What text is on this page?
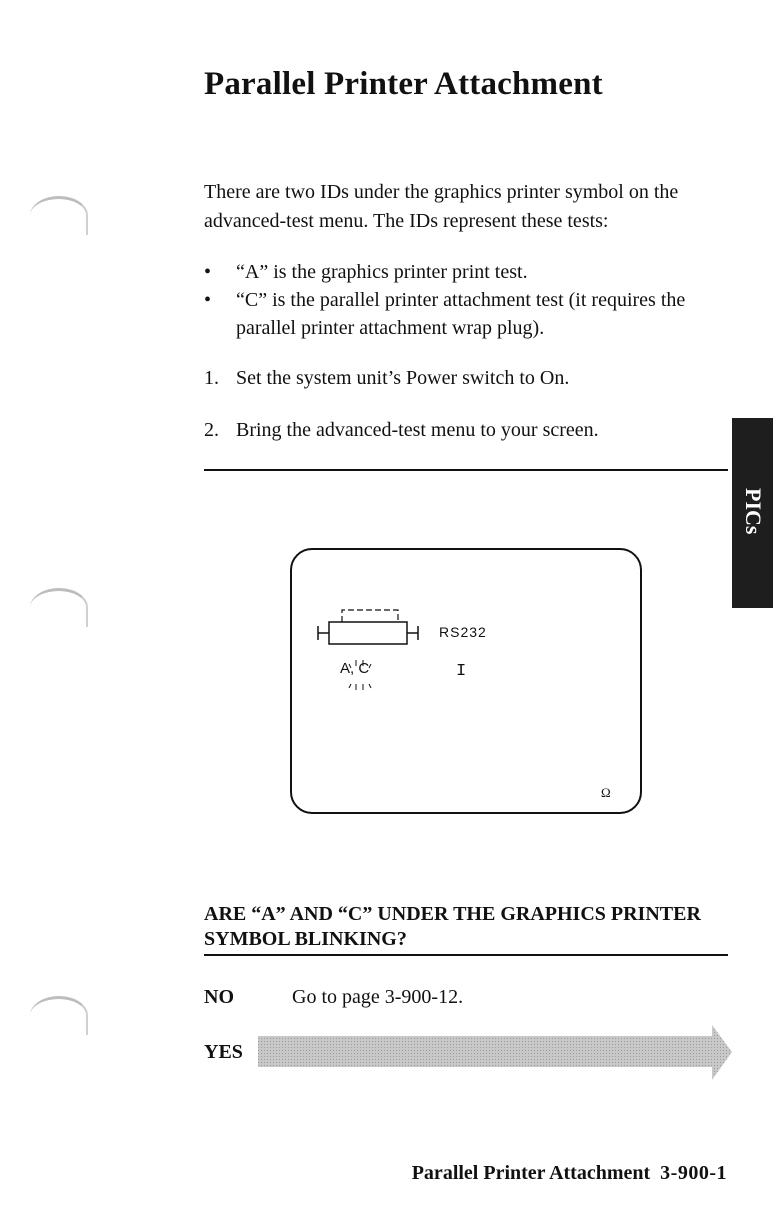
Parallel Printer Attachment
There are two IDs under the graphics printer symbol on the advanced-test menu. The IDs represent these tests:
• “A” is the graphics printer print test.
• “C” is the parallel printer attachment test (it requires the parallel printer attachment wrap plug).
1. Set the system unit’s Power switch to On.
2. Bring the advanced-test menu to your screen.
PICs
A, C
RS232
I
Ω
ARE “A” AND “C” UNDER THE GRAPHICS PRINTER SYMBOL BLINKING?
NO	Go to page 3-900-12.
YES
Parallel Printer Attachment 3-900-1
